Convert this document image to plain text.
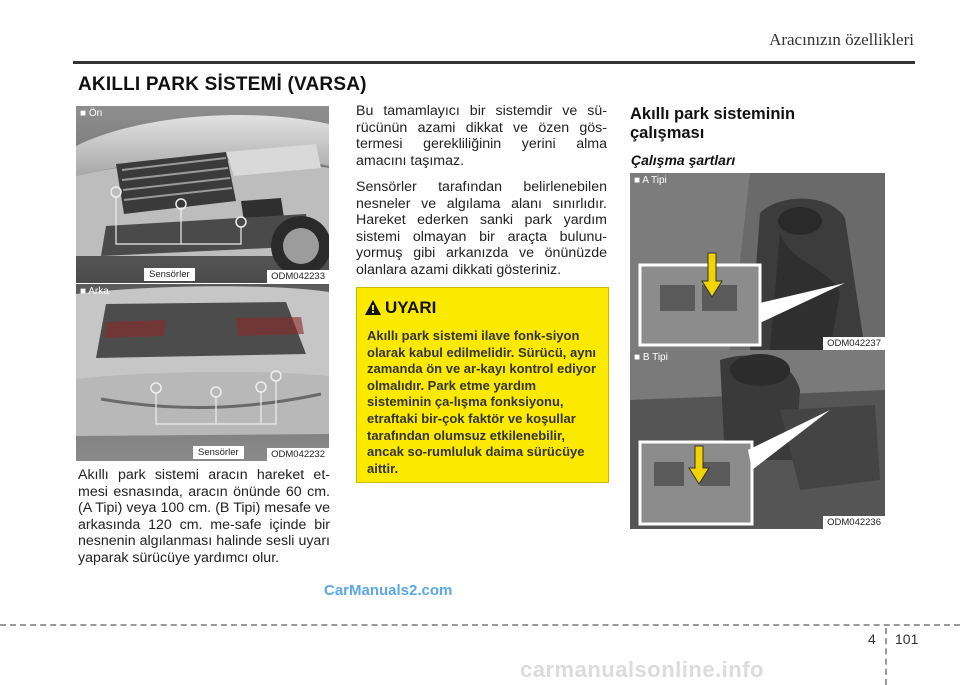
Aracınızın özellikleri
AKILLI PARK SİSTEMİ (VARSA)
■ Ön
Sensörler	ODM042233
■ Arka
Sensörler	ODM042232
Akıllı park sistemi aracın hareket et-mesi esnasında, aracın önünde 60 cm. (A Tipi) veya 100 cm. (B Tipi) mesafe ve arkasında 120 cm. me-safe içinde bir nesnenin algılanması halinde sesli uyarı yaparak sürücüye yardımcı olur.
Bu tamamlayıcı bir sistemdir ve sü-rücünün azami dikkat ve özen gös-termesi gerekliliğinin yerini alma amacını taşımaz.
Sensörler tarafından belirlenebilen nesneler ve algılama alanı sınırlıdır. Hareket ederken sanki park yardım sistemi olmayan bir araçta bulunu-yormuş gibi arkanızda ve önünüzde olanlara azami dikkati gösteriniz.
UYARI
Akıllı park sistemi ilave fonk-siyon olarak kabul edilmelidir. Sürücü, aynı zamanda ön ve ar-kayı kontrol ediyor olmalıdır. Park etme yardım sisteminin ça-lışma fonksiyonu, etraftaki bir-çok faktör ve koşullar tarafından olumsuz etkilenebilir, ancak so-rumluluk daima sürücüye aittir.
Akıllı park sisteminin
çalışması
Çalışma şartları
■ A Tipi
ODM042237
■ B Tipi
ODM042236
CarManuals2.com
4 101
carmanualsonline.info
